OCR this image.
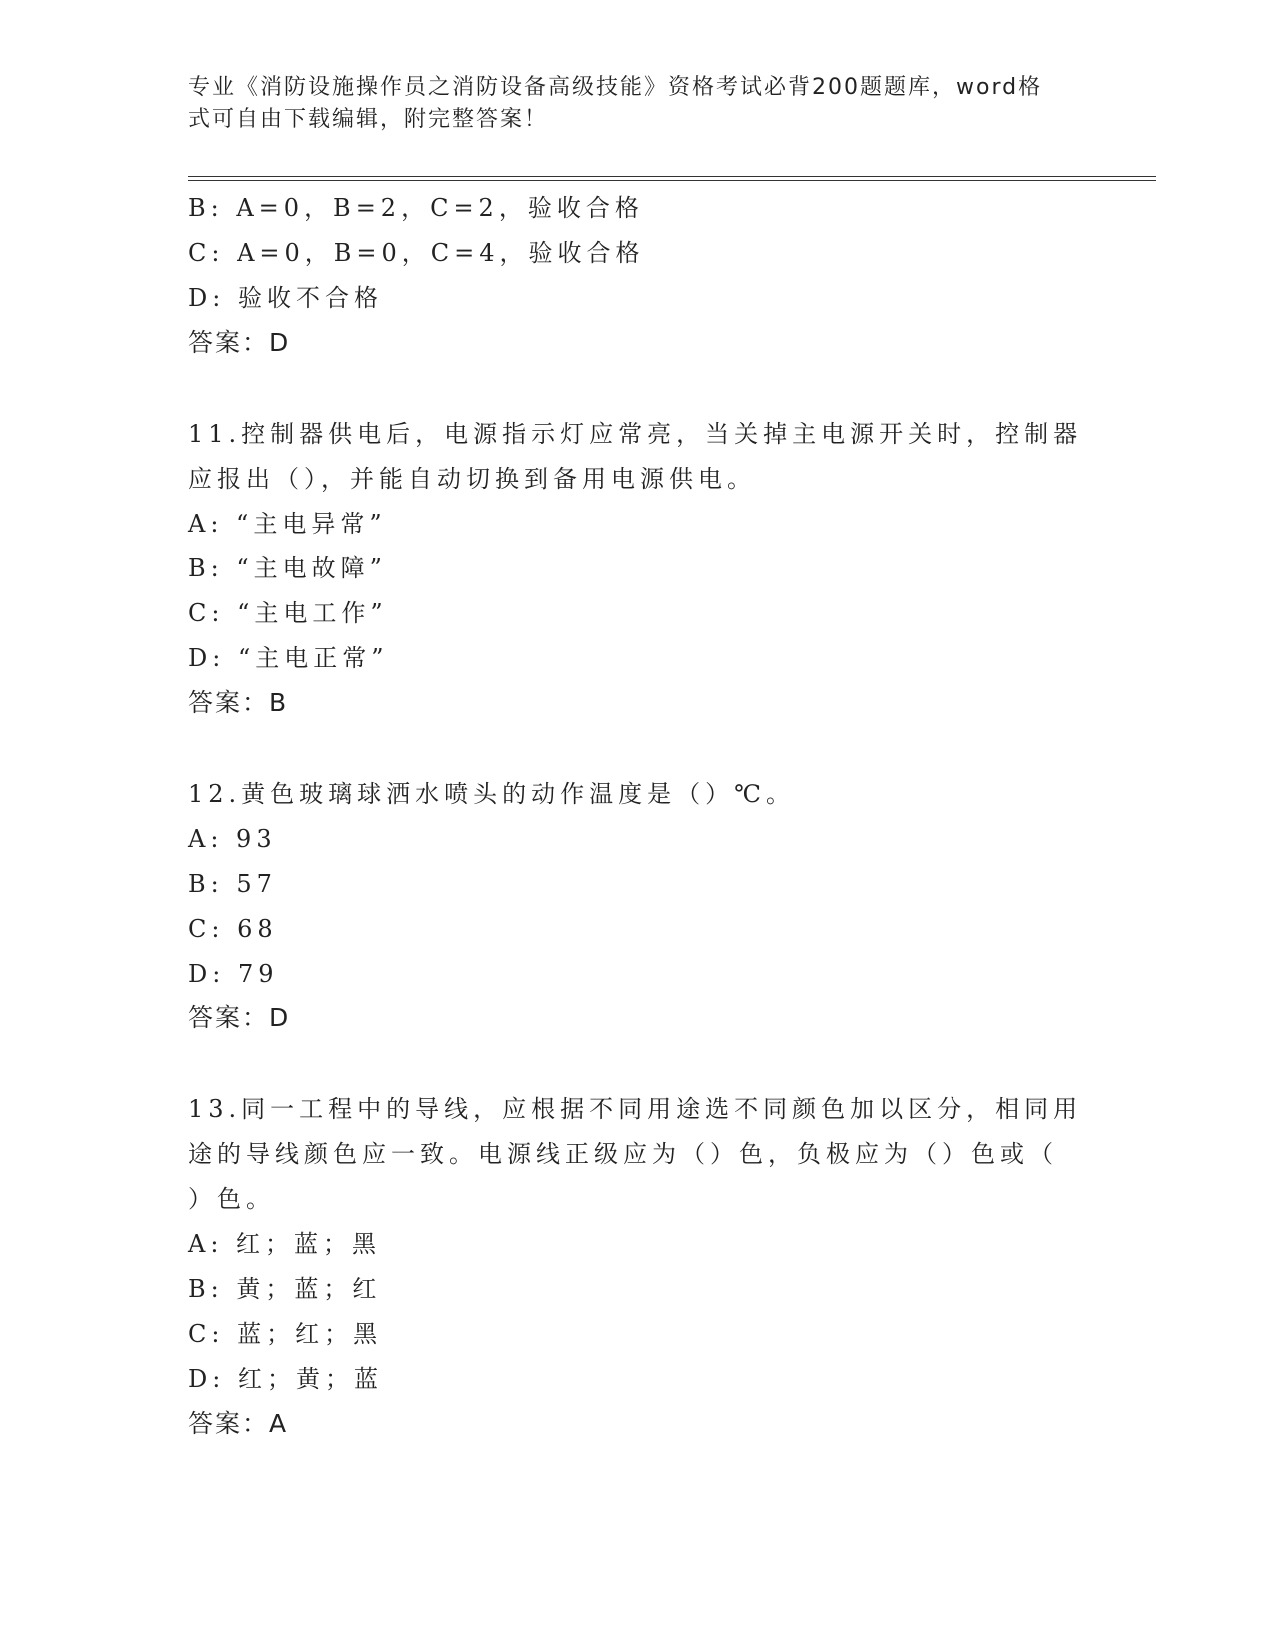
专业《消防设施操作员之消防设备高级技能》资格考试必背200题题库，word格
式可自由下载编辑，附完整答案！
B: A=0，B=2，C=2，验收合格
C: A=0，B=0，C=4，验收合格
D: 验收不合格
答案：D
11.控制器供电后，电源指示灯应常亮，当关掉主电源开关时，控制器
应报出（），并能自动切换到备用电源供电。
A: “主电异常”
B: “主电故障”
C: “主电工作”
D: “主电正常”
答案：B
12.黄色玻璃球洒水喷头的动作温度是（）℃。
A: 93
B: 57
C: 68
D: 79
答案：D
13.同一工程中的导线，应根据不同用途选不同颜色加以区分，相同用
途的导线颜色应一致。电源线正级应为（）色，负极应为（）色或（
）色。
A: 红；蓝；黑
B: 黄；蓝；红
C: 蓝；红；黑
D: 红；黄；蓝
答案：A
